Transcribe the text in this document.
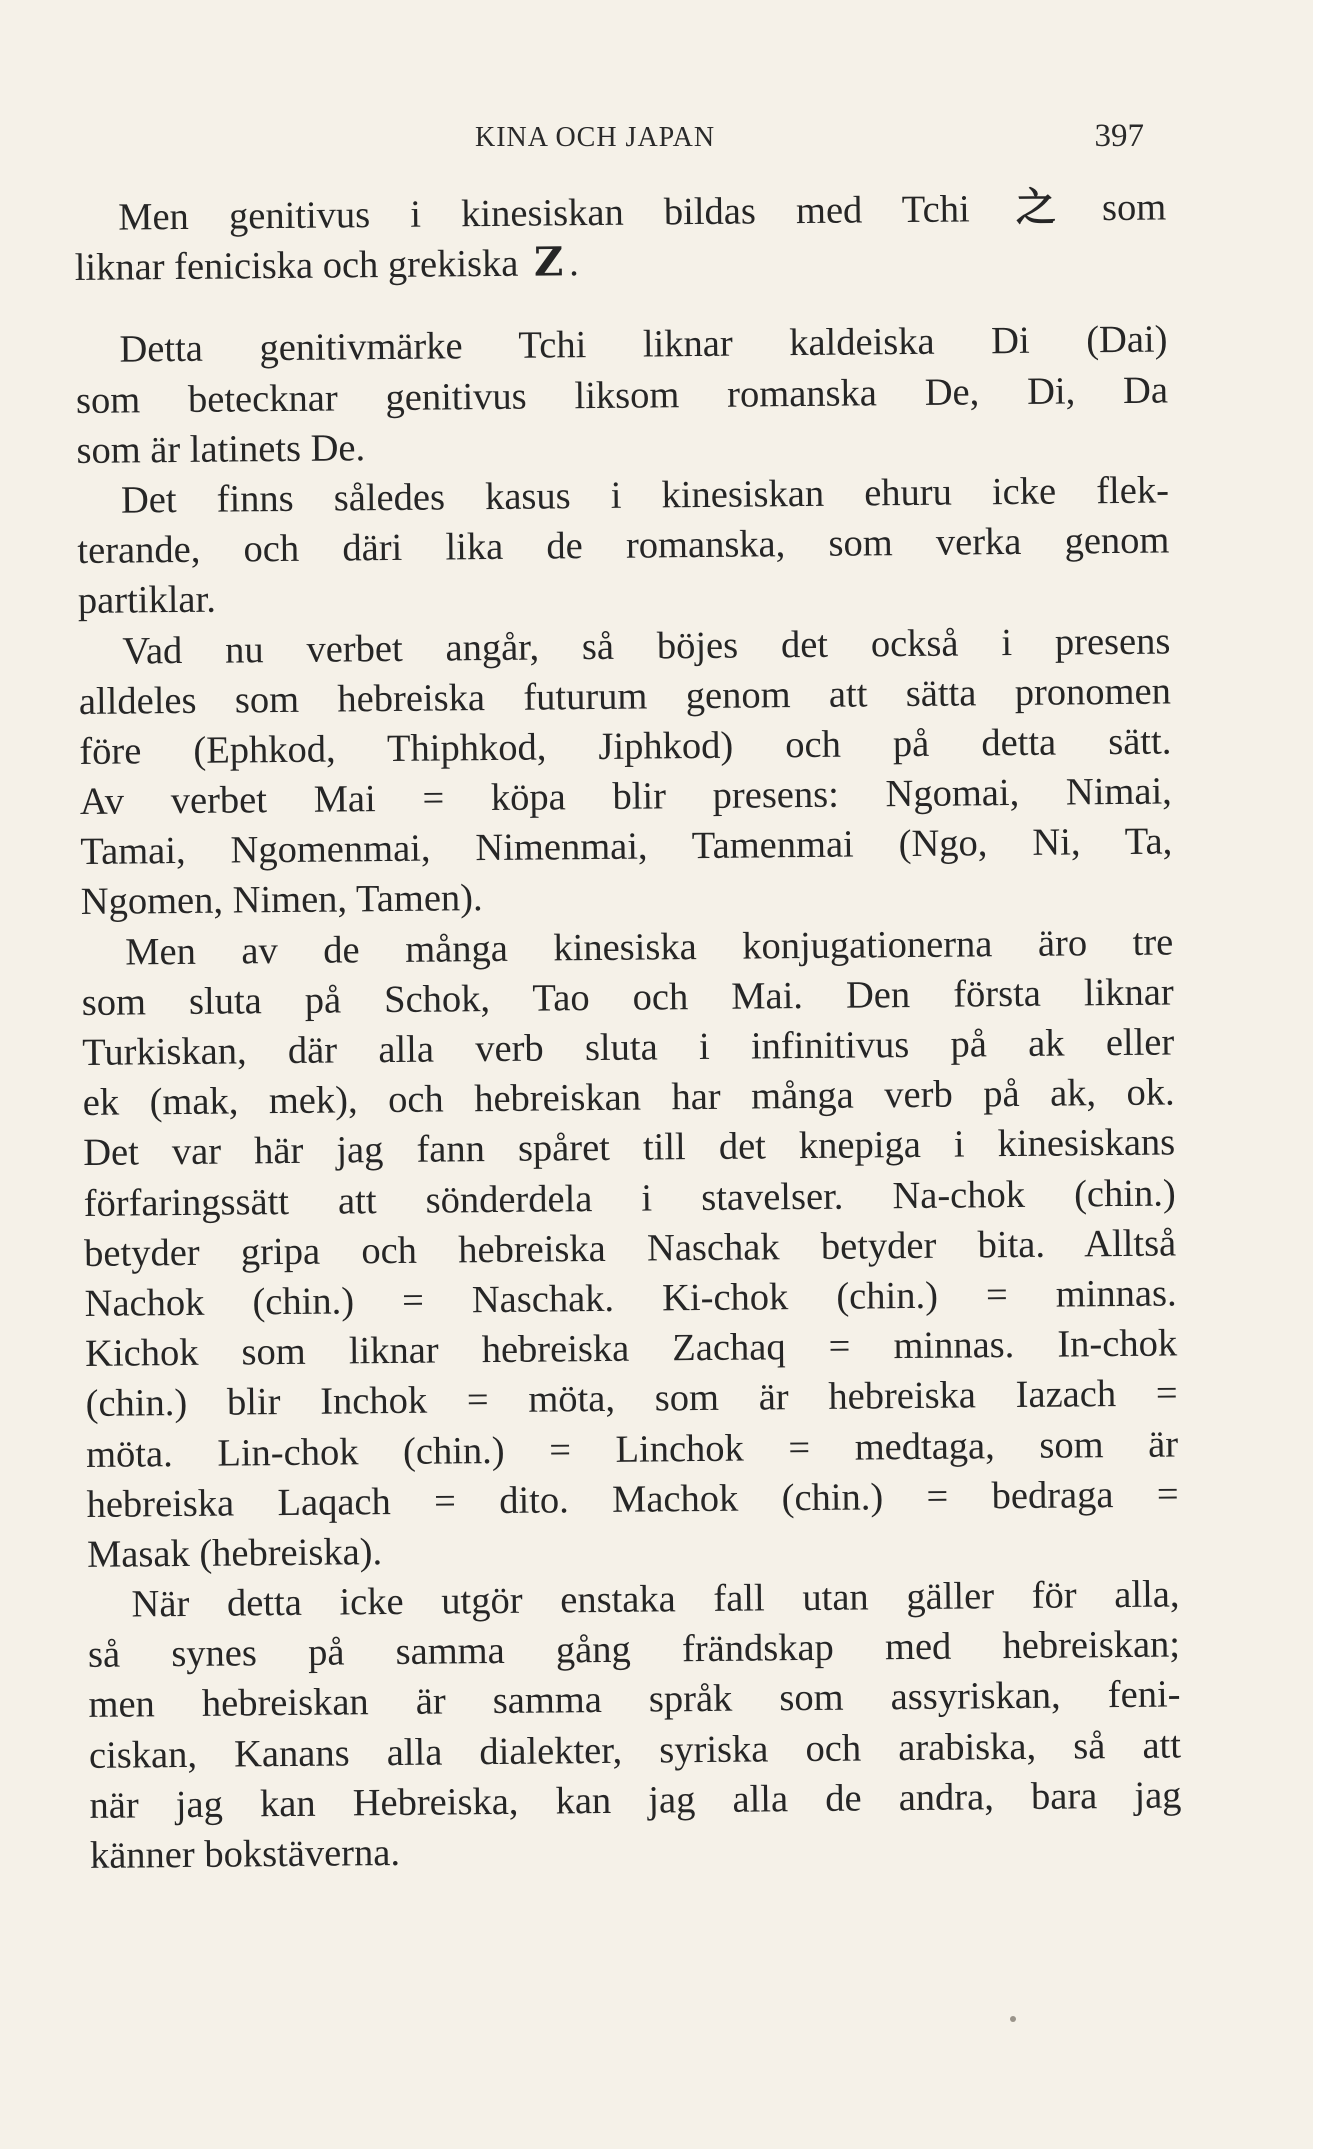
KINA OCH JAPAN	397
Men genitivus i kinesiskan bildas med Tchi 之 som
liknar feniciska och grekiska Z .
Detta genitivmärke Tchi liknar kaldeiska Di (Dai)
som betecknar genitivus liksom romanska De, Di, Da
som är latinets De.
Det finns således kasus i kinesiskan ehuru icke flek-
terande, och däri lika de romanska, som verka genom
partiklar.
Vad nu verbet angår, så böjes det också i presens
alldeles som hebreiska futurum genom att sätta pronomen
före (Ephkod, Thiphkod, Jiphkod) och på detta sätt.
Av verbet Mai = köpa blir presens: Ngomai, Nimai,
Tamai, Ngomenmai, Nimenmai, Tamenmai (Ngo, Ni, Ta,
Ngomen, Nimen, Tamen).
Men av de många kinesiska konjugationerna äro tre
som sluta på Schok, Tao och Mai. Den första liknar
Turkiskan, där alla verb sluta i infinitivus på ak eller
ek (mak, mek), och hebreiskan har många verb på ak, ok.
Det var här jag fann spåret till det knepiga i kinesiskans
förfaringssätt att sönderdela i stavelser. Na-chok (chin.)
betyder gripa och hebreiska Naschak betyder bita. Alltså
Nachok (chin.) = Naschak. Ki-chok (chin.) = minnas.
Kichok som liknar hebreiska Zachaq = minnas. In-chok
(chin.) blir Inchok = möta, som är hebreiska Iazach =
möta. Lin-chok (chin.) = Linchok = medtaga, som är
hebreiska Laqach = dito. Machok (chin.) = bedraga =
Masak (hebreiska).
När detta icke utgör enstaka fall utan gäller för alla,
så synes på samma gång frändskap med hebreiskan;
men hebreiskan är samma språk som assyriskan, feni-
ciskan, Kanans alla dialekter, syriska och arabiska, så att
när jag kan Hebreiska, kan jag alla de andra, bara jag
känner bokstäverna.
